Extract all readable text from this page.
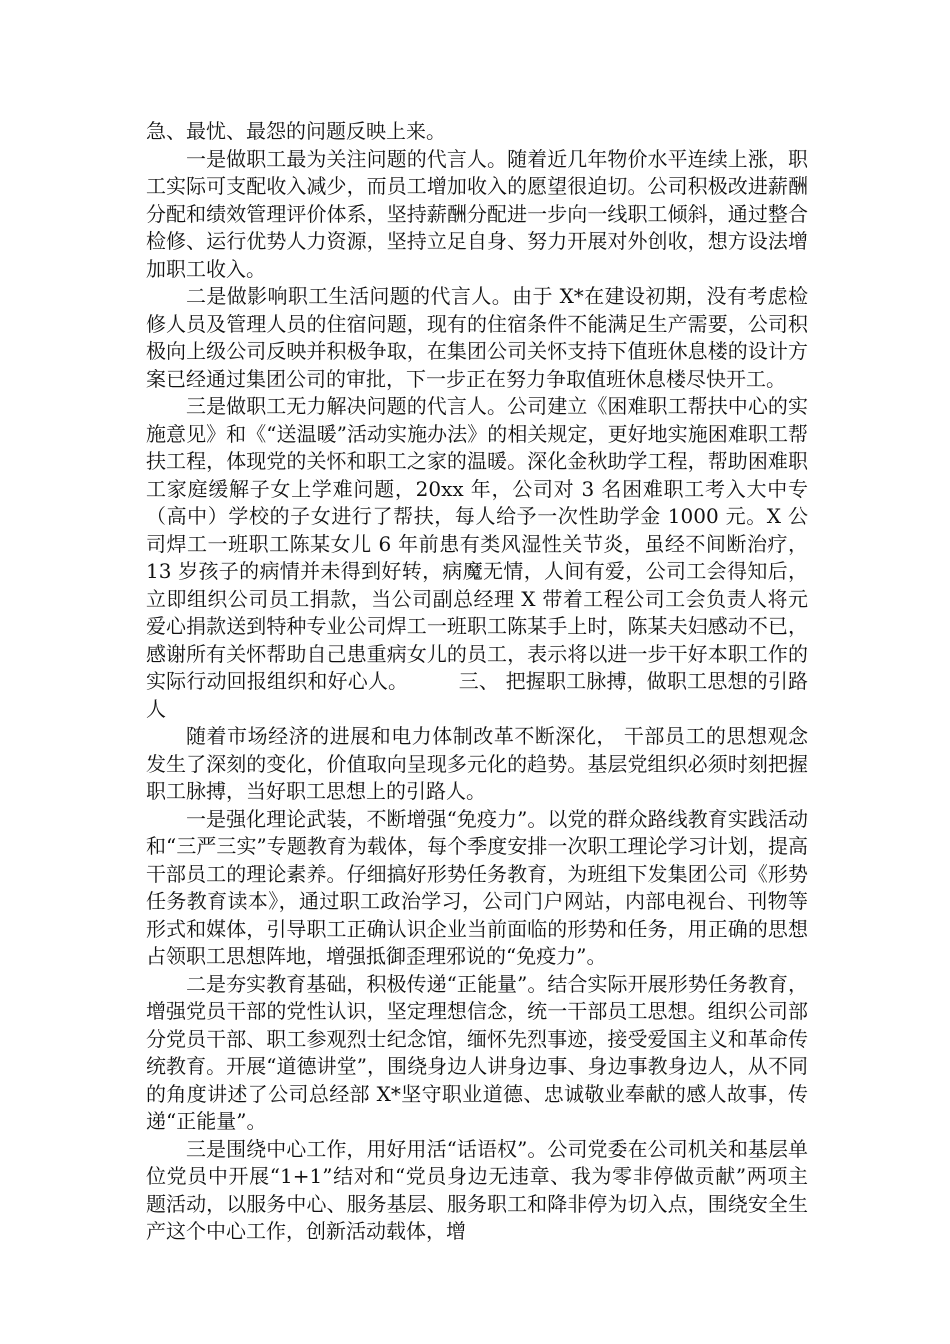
急、最忧、最怨的问题反映上来。

一是做职工最为关注问题的代言人。随着近几年物价水平连续上涨，职工实际可支配收入减少，而员工增加收入的愿望很迫切。公司积极改进薪酬分配和绩效管理评价体系，坚持薪酬分配进一步向一线职工倾斜，通过整合检修、运行优势人力资源，坚持立足自身、努力开展对外创收，想方设法增加职工收入。

二是做影响职工生活问题的代言人。由于 X*在建设初期，没有考虑检修人员及管理人员的住宿问题，现有的住宿条件不能满足生产需要，公司积极向上级公司反映并积极争取，在集团公司关怀支持下值班休息楼的设计方案已经通过集团公司的审批，下一步正在努力争取值班休息楼尽快开工。

三是做职工无力解决问题的代言人。公司建立《困难职工帮扶中心的实施意见》和《“送温暖”活动实施办法》的相关规定，更好地实施困难职工帮扶工程，体现党的关怀和职工之家的温暖。深化金秋助学工程，帮助困难职工家庭缓解子女上学难问题，20xx 年，公司对 3 名困难职工考入大中专（高中）学校的子女进行了帮扶，每人给予一次性助学金 1000 元。X 公司焊工一班职工陈某女儿 6 年前患有类风湿性关节炎，虽经不间断治疗，13 岁孩子的病情并未得到好转，病魔无情，人间有爱，公司工会得知后，立即组织公司员工捐款，当公司副总经理 X 带着工程公司工会负责人将元爱心捐款送到特种专业公司焊工一班职工陈某手上时，陈某夫妇感动不已，感谢所有关怀帮助自己患重病女儿的员工，表示将以进一步干好本职工作的实际行动回报组织和好心人。　　　三、 把握职工脉搏，做职工思想的引路人

随着市场经济的进展和电力体制改革不断深化， 干部员工的思想观念发生了深刻的变化，价值取向呈现多元化的趋势。基层党组织必须时刻把握职工脉搏，当好职工思想上的引路人。

一是强化理论武装，不断增强“免疫力”。以党的群众路线教育实践活动和“三严三实”专题教育为载体，每个季度安排一次职工理论学习计划，提高干部员工的理论素养。仔细搞好形势任务教育，为班组下发集团公司《形势任务教育读本》，通过职工政治学习，公司门户网站，内部电视台、刊物等形式和媒体，引导职工正确认识企业当前面临的形势和任务，用正确的思想占领职工思想阵地，增强抵御歪理邪说的“免疫力”。

二是夯实教育基础，积极传递“正能量”。结合实际开展形势任务教育，增强党员干部的党性认识，坚定理想信念，统一干部员工思想。组织公司部分党员干部、职工参观烈士纪念馆，缅怀先烈事迹，接受爱国主义和革命传统教育。开展“道德讲堂”，围绕身边人讲身边事、身边事教身边人，从不同的角度讲述了公司总经部 X*坚守职业道德、忠诚敬业奉献的感人故事，传递“正能量”。

三是围绕中心工作，用好用活“话语权”。公司党委在公司机关和基层单位党员中开展“1+1”结对和“党员身边无违章、我为零非停做贡献”两项主题活动，以服务中心、服务基层、服务职工和降非停为切入点，围绕安全生产这个中心工作，创新活动载体，增
